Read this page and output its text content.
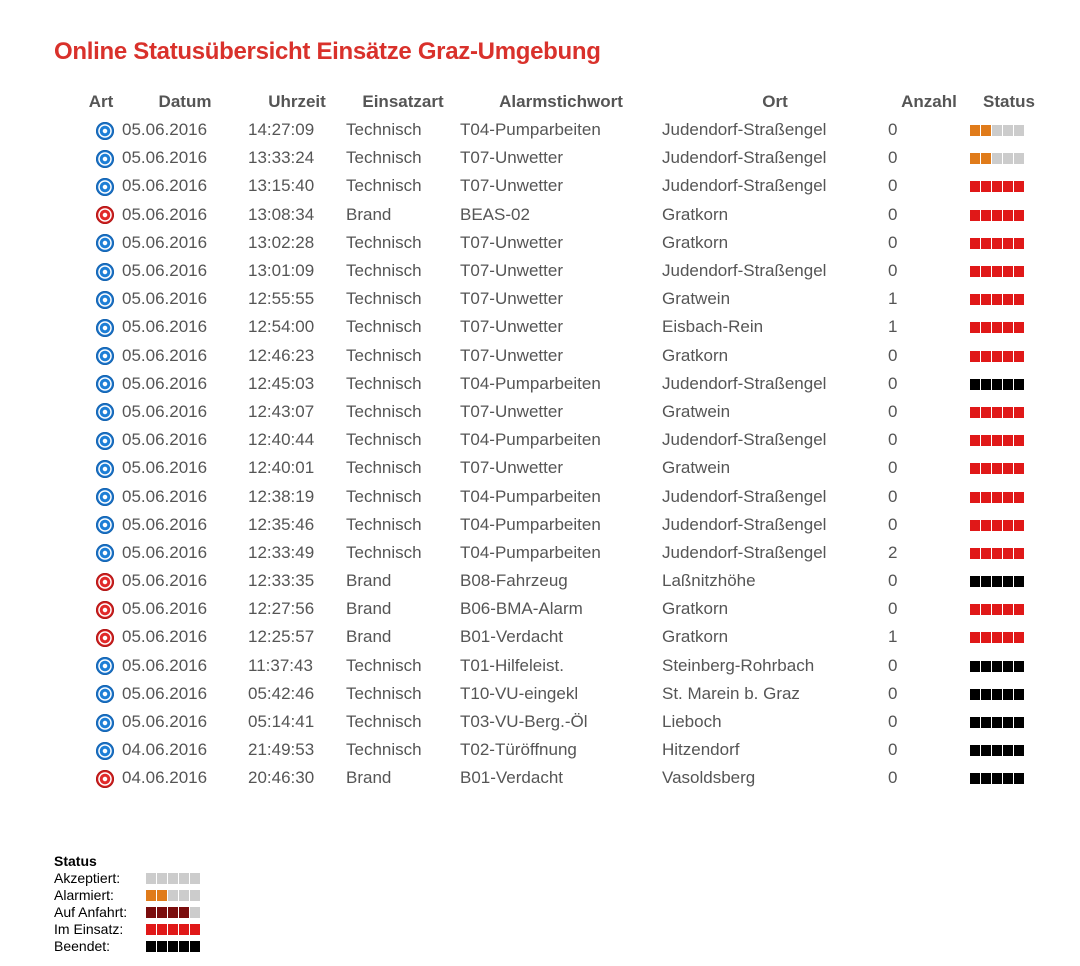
Online Statusübersicht Einsätze Graz-Umgebung
Art	Datum	Uhrzeit	Einsatzart	Alarmstichwort	Ort	Anzahl	Status
	05.06.2016	14:27:09	Technisch	T04-Pumparbeiten	Judendorf-Straßengel	0	
	05.06.2016	13:33:24	Technisch	T07-Unwetter	Judendorf-Straßengel	0	
	05.06.2016	13:15:40	Technisch	T07-Unwetter	Judendorf-Straßengel	0	
	05.06.2016	13:08:34	Brand	BEAS-02	Gratkorn	0	
	05.06.2016	13:02:28	Technisch	T07-Unwetter	Gratkorn	0	
	05.06.2016	13:01:09	Technisch	T07-Unwetter	Judendorf-Straßengel	0	
	05.06.2016	12:55:55	Technisch	T07-Unwetter	Gratwein	1	
	05.06.2016	12:54:00	Technisch	T07-Unwetter	Eisbach-Rein	1	
	05.06.2016	12:46:23	Technisch	T07-Unwetter	Gratkorn	0	
	05.06.2016	12:45:03	Technisch	T04-Pumparbeiten	Judendorf-Straßengel	0	
	05.06.2016	12:43:07	Technisch	T07-Unwetter	Gratwein	0	
	05.06.2016	12:40:44	Technisch	T04-Pumparbeiten	Judendorf-Straßengel	0	
	05.06.2016	12:40:01	Technisch	T07-Unwetter	Gratwein	0	
	05.06.2016	12:38:19	Technisch	T04-Pumparbeiten	Judendorf-Straßengel	0	
	05.06.2016	12:35:46	Technisch	T04-Pumparbeiten	Judendorf-Straßengel	0	
	05.06.2016	12:33:49	Technisch	T04-Pumparbeiten	Judendorf-Straßengel	2	
	05.06.2016	12:33:35	Brand	B08-Fahrzeug	Laßnitzhöhe	0	
	05.06.2016	12:27:56	Brand	B06-BMA-Alarm	Gratkorn	0	
	05.06.2016	12:25:57	Brand	B01-Verdacht	Gratkorn	1	
	05.06.2016	11:37:43	Technisch	T01-Hilfeleist.	Steinberg-Rohrbach	0	
	05.06.2016	05:42:46	Technisch	T10-VU-eingekl	St. Marein b. Graz	0	
	05.06.2016	05:14:41	Technisch	T03-VU-Berg.-Öl	Lieboch	0	
	04.06.2016	21:49:53	Technisch	T02-Türöffnung	Hitzendorf	0	
	04.06.2016	20:46:30	Brand	B01-Verdacht	Vasoldsberg	0	
Status
Akzeptiert:
Alarmiert:
Auf Anfahrt:
Im Einsatz:
Beendet:
